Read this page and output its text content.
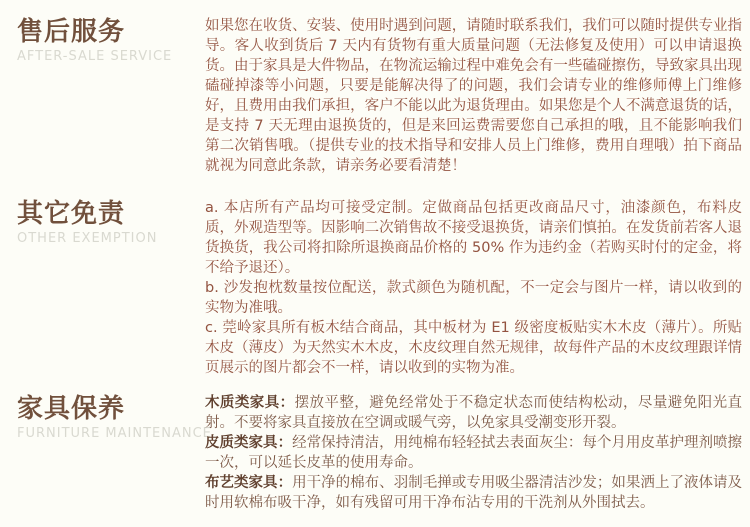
售后服务
AFTER-SALE SERVICE

如果您在收货、安装、使用时遇到问题，请随时联系我们，我们可以随时提供专业指导。客人收到货后 7 天内有货物有重大质量问题（无法修复及使用）可以申请退换货。由于家具是大件物品，在物流运输过程中难免会有一些磕碰擦伤，导致家具出现磕碰掉漆等小问题，只要是能解决得了的问题，我们会请专业的维修师傅上门维修好，且费用由我们承担，客户不能以此为退货理由。如果您是个人不满意退货的话，是支持 7 天无理由退换货的，但是来回运费需要您自己承担的哦，且不能影响我们第二次销售哦。（提供专业的技术指导和安排人员上门维修，费用自理哦）拍下商品就视为同意此条款，请亲务必要看清楚！

其它免责
OTHER EXEMPTION

a. 本店所有产品均可接受定制。定做商品包括更改商品尺寸，油漆颜色，布料皮质，外观造型等。因影响二次销售故不接受退换货，请亲们慎拍。在发货前若客人退货换货，我公司将扣除所退换商品价格的 50% 作为违约金（若购买时付的定金，将不给予退还）。

b. 沙发抱枕数量按位配送，款式颜色为随机配，不一定会与图片一样，请以收到的实物为准哦。

c. 莞岭家具所有板木结合商品，其中板材为 E1 级密度板贴实木木皮（薄片）。所贴木皮（薄皮）为天然实木木皮，木皮纹理自然无规律，故每件产品的木皮纹理跟详情页展示的图片都会不一样，请以收到的实物为准。

家具保养
FURNITURE MAINTENANCE

木质类家具：摆放平整，避免经常处于不稳定状态而使结构松动，尽量避免阳光直射。不要将家具直接放在空调或暖气旁，以免家具受潮变形开裂。

皮质类家具：经常保持清洁，用纯棉布轻轻拭去表面灰尘：每个月用皮革护理剂喷擦一次，可以延长皮革的使用寿命。

布艺类家具：用干净的棉布、羽制毛掸或专用吸尘器清洁沙发；如果洒上了液体请及时用软棉布吸干净，如有残留可用干净布沾专用的干洗剂从外围拭去。
